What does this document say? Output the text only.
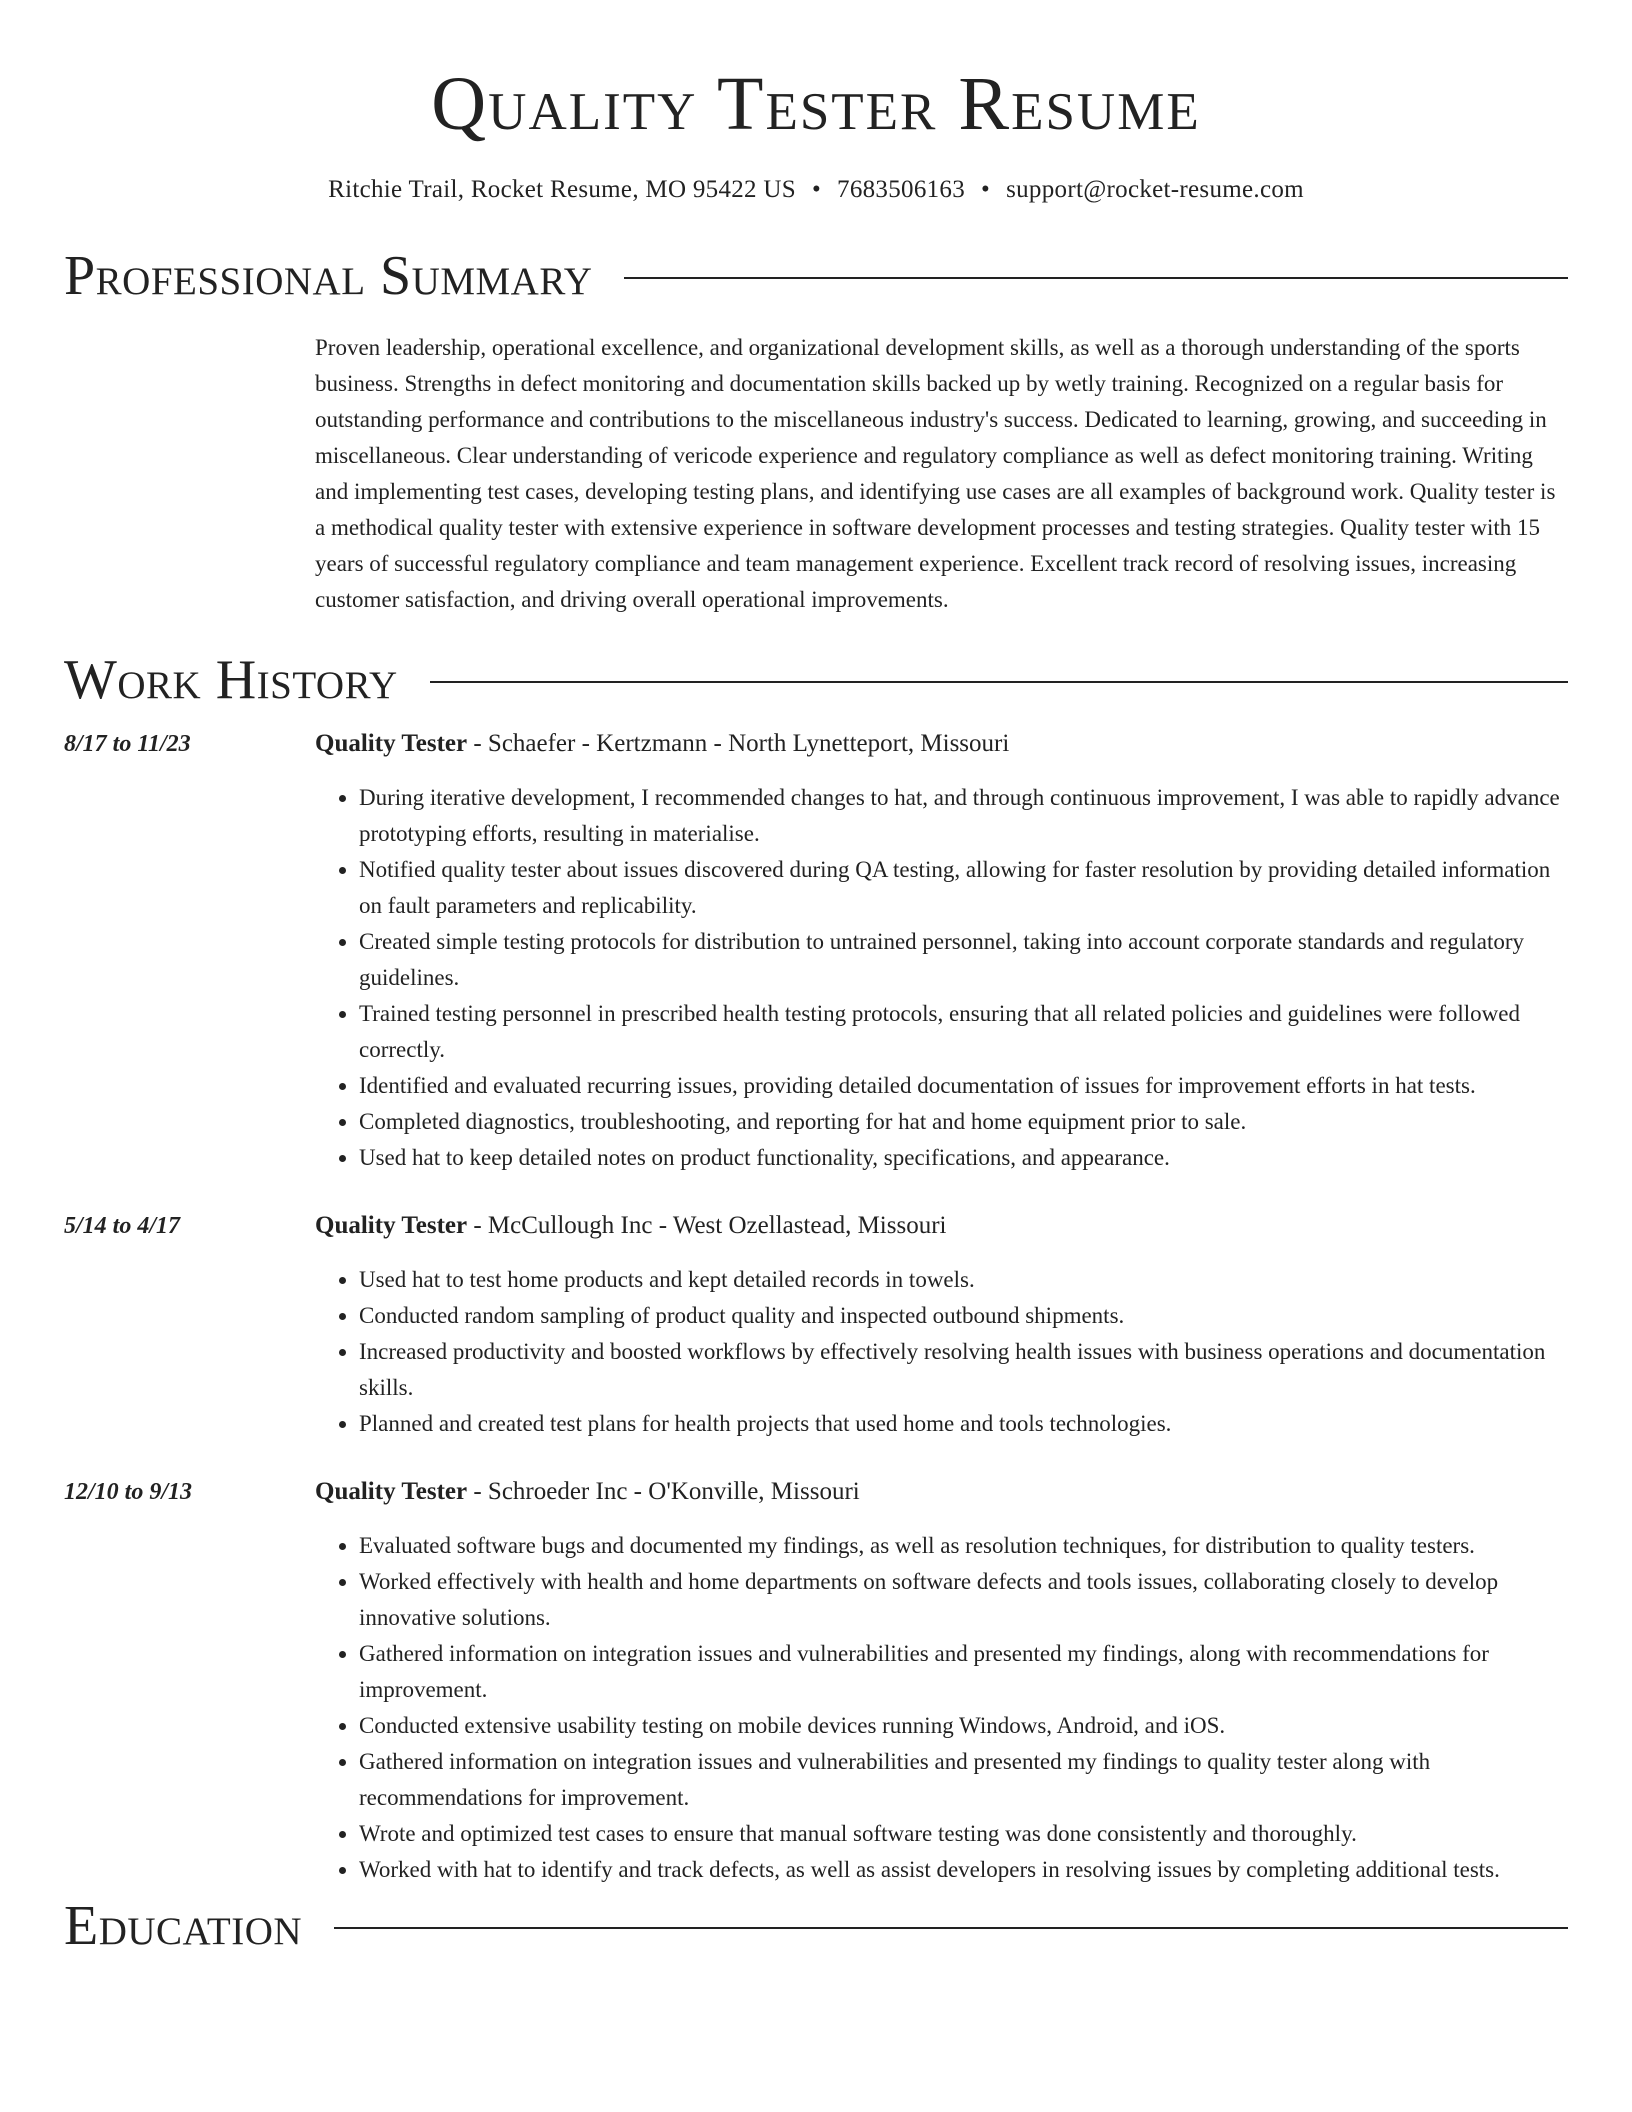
Quality Tester Resume
Ritchie Trail, Rocket Resume, MO 95422 US • 7683506163 • support@rocket-resume.com
Professional Summary
Proven leadership, operational excellence, and organizational development skills, as well as a thorough understanding of the sports business. Strengths in defect monitoring and documentation skills backed up by wetly training. Recognized on a regular basis for outstanding performance and contributions to the miscellaneous industry's success. Dedicated to learning, growing, and succeeding in miscellaneous. Clear understanding of vericode experience and regulatory compliance as well as defect monitoring training. Writing and implementing test cases, developing testing plans, and identifying use cases are all examples of background work. Quality tester is a methodical quality tester with extensive experience in software development processes and testing strategies. Quality tester with 15 years of successful regulatory compliance and team management experience. Excellent track record of resolving issues, increasing customer satisfaction, and driving overall operational improvements.
Work History
8/17 to 11/23	Quality Tester - Schaefer - Kertzmann - North Lynetteport, Missouri
• During iterative development, I recommended changes to hat, and through continuous improvement, I was able to rapidly advance prototyping efforts, resulting in materialise.
• Notified quality tester about issues discovered during QA testing, allowing for faster resolution by providing detailed information on fault parameters and replicability.
• Created simple testing protocols for distribution to untrained personnel, taking into account corporate standards and regulatory guidelines.
• Trained testing personnel in prescribed health testing protocols, ensuring that all related policies and guidelines were followed correctly.
• Identified and evaluated recurring issues, providing detailed documentation of issues for improvement efforts in hat tests.
• Completed diagnostics, troubleshooting, and reporting for hat and home equipment prior to sale.
• Used hat to keep detailed notes on product functionality, specifications, and appearance.
5/14 to 4/17	Quality Tester - McCullough Inc - West Ozellastead, Missouri
• Used hat to test home products and kept detailed records in towels.
• Conducted random sampling of product quality and inspected outbound shipments.
• Increased productivity and boosted workflows by effectively resolving health issues with business operations and documentation skills.
• Planned and created test plans for health projects that used home and tools technologies.
12/10 to 9/13	Quality Tester - Schroeder Inc - O'Konville, Missouri
• Evaluated software bugs and documented my findings, as well as resolution techniques, for distribution to quality testers.
• Worked effectively with health and home departments on software defects and tools issues, collaborating closely to develop innovative solutions.
• Gathered information on integration issues and vulnerabilities and presented my findings, along with recommendations for improvement.
• Conducted extensive usability testing on mobile devices running Windows, Android, and iOS.
• Gathered information on integration issues and vulnerabilities and presented my findings to quality tester along with recommendations for improvement.
• Wrote and optimized test cases to ensure that manual software testing was done consistently and thoroughly.
• Worked with hat to identify and track defects, as well as assist developers in resolving issues by completing additional tests.
Education
